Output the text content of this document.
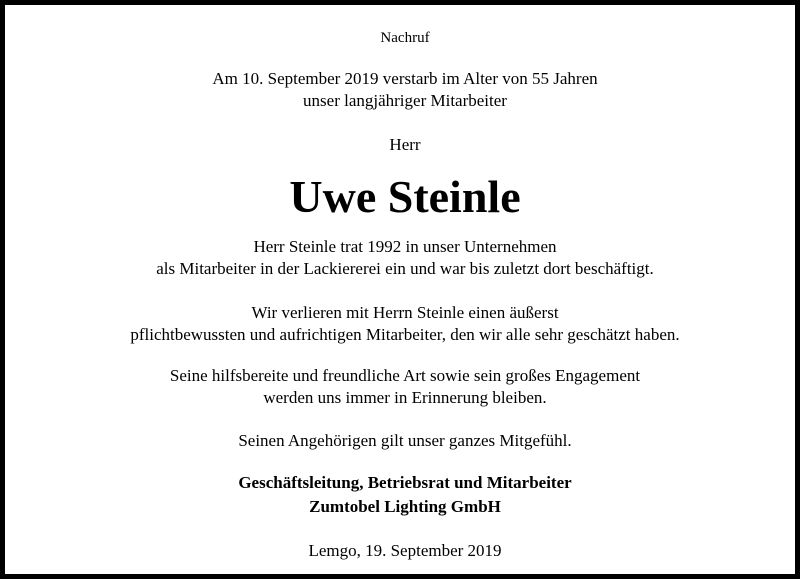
Nachruf
Am 10. September 2019 verstarb im Alter von 55 Jahren
unser langjähriger Mitarbeiter
Herr
Uwe Steinle
Herr Steinle trat 1992 in unser Unternehmen
als Mitarbeiter in der Lackiererei ein und war bis zuletzt dort beschäftigt.
Wir verlieren mit Herrn Steinle einen äußerst
pflichtbewussten und aufrichtigen Mitarbeiter, den wir alle sehr geschätzt haben.
Seine hilfsbereite und freundliche Art sowie sein großes Engagement
werden uns immer in Erinnerung bleiben.
Seinen Angehörigen gilt unser ganzes Mitgefühl.
Geschäftsleitung, Betriebsrat und Mitarbeiter
Zumtobel Lighting GmbH
Lemgo, 19. September 2019
